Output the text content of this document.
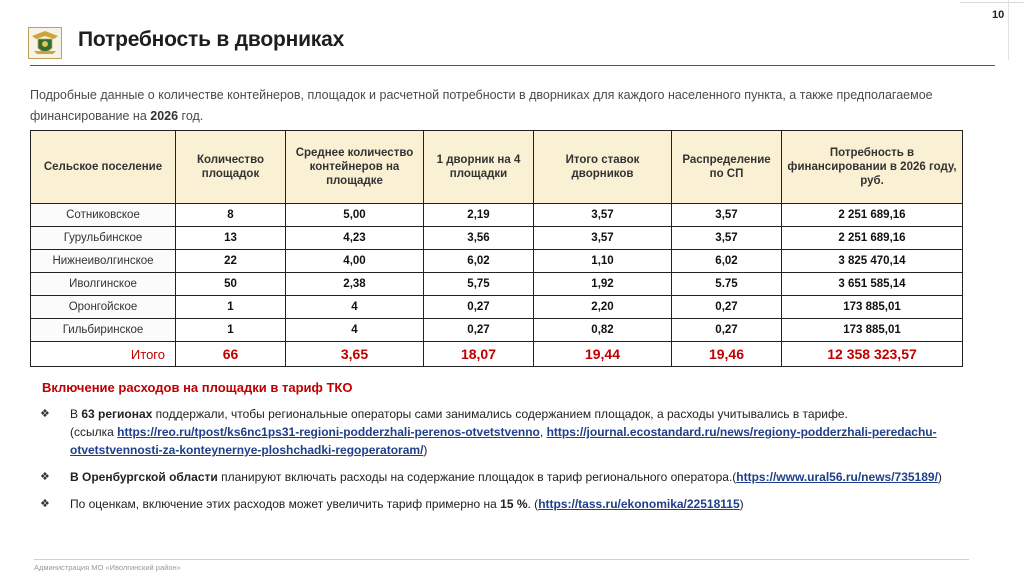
10
Потребность в дворниках
Подробные данные о количестве контейнеров, площадок и расчетной потребности в дворниках для каждого населенного пункта, а также предполагаемое финансирование на 2026 год.
Сельское поселение	Количество площадок	Среднее количество контейнеров на площадке	1 дворник на 4 площадки	Итого ставок дворников	Распределение по СП	Потребность в финансировании в 2026 году, руб.
Сотниковское	8	5,00	2,19	3,57	3,57	2 251 689,16
Гурульбинское	13	4,23	3,56	3,57	3,57	2 251 689,16
Нижнеиволгинское	22	4,00	6,02	1,10	6,02	3 825 470,14
Иволгинское	50	2,38	5,75	1,92	5.75	3 651 585,14
Оронгойское	1	4	0,27	2,20	0,27	173 885,01
Гильбиринское	1	4	0,27	0,82	0,27	173 885,01
Итого	66	3,65	18,07	19,44	19,46	12 358 323,57
Включение расходов на площадки в тариф ТКО
❖ В 63 регионах поддержали, чтобы региональные операторы сами занимались содержанием площадок, а расходы учитывались в тарифе.
(ссылка https://reo.ru/tpost/ks6nc1ps31-regioni-podderzhali-perenos-otvetstvenno, https://journal.ecostandard.ru/news/regiony-podderzhali-peredachu-otvetstvennosti-za-konteynernye-ploshchadki-regoperatoram/)
❖ В Оренбургской области планируют включать расходы на содержание площадок в тариф регионального оператора.(https://www.ural56.ru/news/735189/)
❖ По оценкам, включение этих расходов может увеличить тариф примерно на 15 %. (https://tass.ru/ekonomika/22518115)
Администрация МО «Иволгинский район»
